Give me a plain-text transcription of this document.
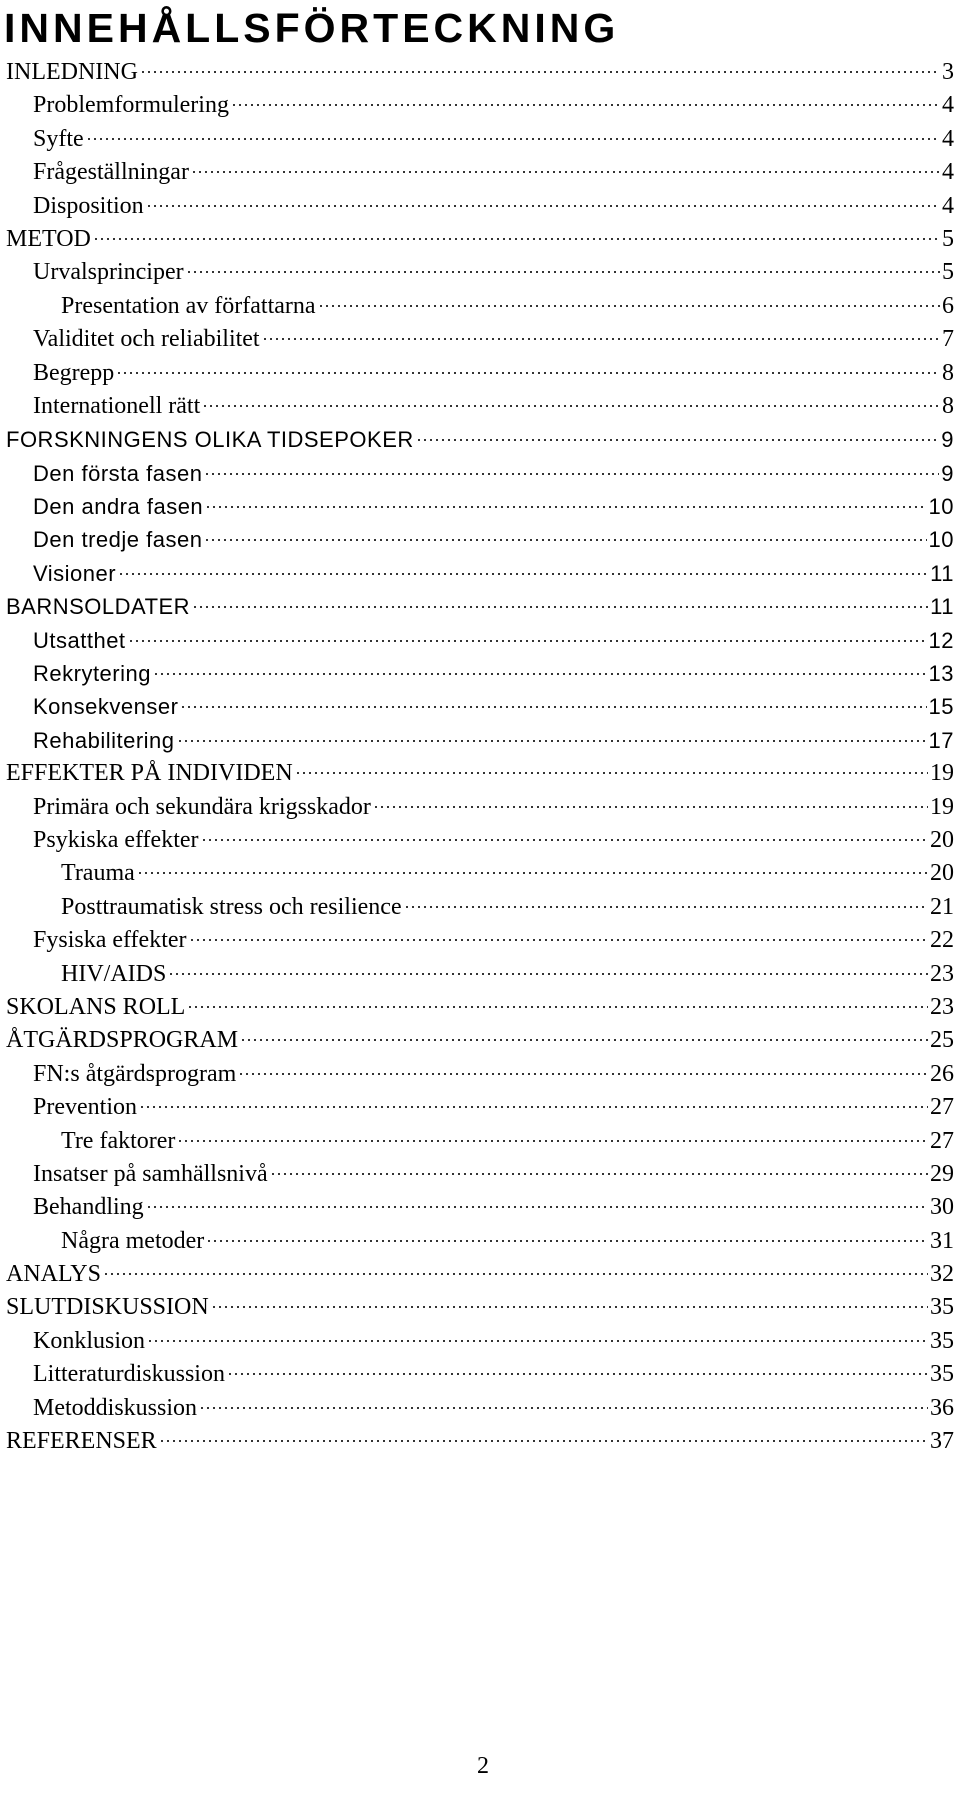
INNEHÅLLSFÖRTECKNING
INLEDNING	3
Problemformulering	4
Syfte	4
Frågeställningar	4
Disposition	4
METOD	5
Urvalsprinciper	5
Presentation av författarna	6
Validitet och reliabilitet	7
Begrepp	8
Internationell rätt	8
FORSKNINGENS OLIKA TIDSEPOKER	9
Den första fasen	9
Den andra fasen	10
Den tredje fasen	10
Visioner	11
BARNSOLDATER	11
Utsatthet	12
Rekrytering	13
Konsekvenser	15
Rehabilitering	17
EFFEKTER PÅ INDIVIDEN	19
Primära och sekundära krigsskador	19
Psykiska effekter	20
Trauma	20
Posttraumatisk stress och resilience	21
Fysiska effekter	22
HIV/AIDS	23
SKOLANS ROLL	23
ÅTGÄRDSPROGRAM	25
FN:s åtgärdsprogram	26
Prevention	27
Tre faktorer	27
Insatser på samhällsnivå	29
Behandling	30
Några metoder	31
ANALYS	32
SLUTDISKUSSION	35
Konklusion	35
Litteraturdiskussion	35
Metoddiskussion	36
REFERENSER	37
2
